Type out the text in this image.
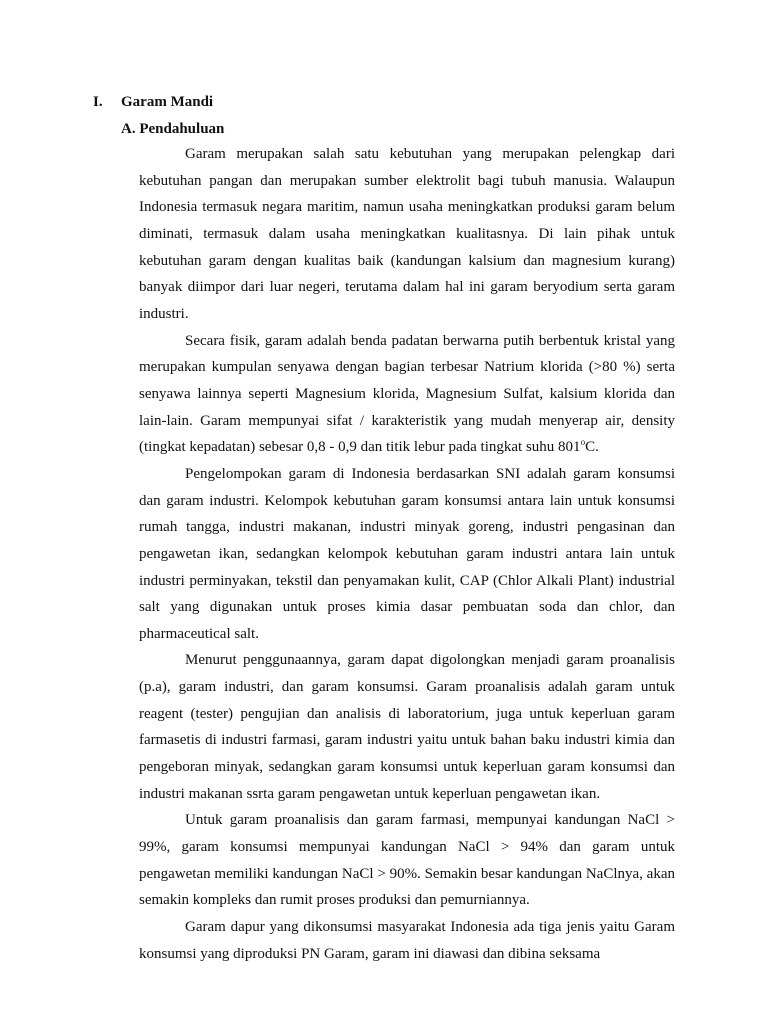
I. Garam Mandi
A. Pendahuluan

Garam merupakan salah satu kebutuhan yang merupakan pelengkap dari kebutuhan pangan dan merupakan sumber elektrolit bagi tubuh manusia. Walaupun Indonesia termasuk negara maritim, namun usaha meningkatkan produksi garam belum diminati, termasuk dalam usaha meningkatkan kualitasnya. Di lain pihak untuk kebutuhan garam dengan kualitas baik (kandungan kalsium dan magnesium kurang) banyak diimpor dari luar negeri, terutama dalam hal ini garam beryodium serta garam industri.

Secara fisik, garam adalah benda padatan berwarna putih berbentuk kristal yang merupakan kumpulan senyawa dengan bagian terbesar Natrium klorida (>80 %) serta senyawa lainnya seperti Magnesium klorida, Magnesium Sulfat, kalsium klorida dan lain-lain. Garam mempunyai sifat / karakteristik yang mudah menyerap air, density (tingkat kepadatan) sebesar 0,8 - 0,9 dan titik lebur pada tingkat suhu 801$^o$C.

Pengelompokan garam di Indonesia berdasarkan SNI adalah garam konsumsi dan garam industri. Kelompok kebutuhan garam konsumsi antara lain untuk konsumsi rumah tangga, industri makanan, industri minyak goreng, industri pengasinan dan pengawetan ikan, sedangkan kelompok kebutuhan garam industri antara lain untuk industri perminyakan, tekstil dan penyamakan kulit, CAP (Chlor Alkali Plant) industrial salt yang digunakan untuk proses kimia dasar pembuatan soda dan chlor, dan pharmaceutical salt.

Menurut penggunaannya, garam dapat digolongkan menjadi garam proanalisis (p.a), garam industri, dan garam konsumsi. Garam proanalisis adalah garam untuk reagent (tester) pengujian dan analisis di laboratorium, juga untuk keperluan garam farmasetis di industri farmasi, garam industri yaitu untuk bahan baku industri kimia dan pengeboran minyak, sedangkan garam konsumsi untuk keperluan garam konsumsi dan industri makanan ssrta garam pengawetan untuk keperluan pengawetan ikan.

Untuk garam proanalisis dan garam farmasi, mempunyai kandungan NaCl > 99%, garam konsumsi mempunyai kandungan NaCl > 94% dan garam untuk pengawetan memiliki kandungan NaCl > 90%. Semakin besar kandungan NaClnya, akan semakin kompleks dan rumit proses produksi dan pemurniannya.

Garam dapur yang dikonsumsi masyarakat Indonesia ada tiga jenis yaitu Garam konsumsi yang diproduksi PN Garam, garam ini diawasi dan dibina seksama
